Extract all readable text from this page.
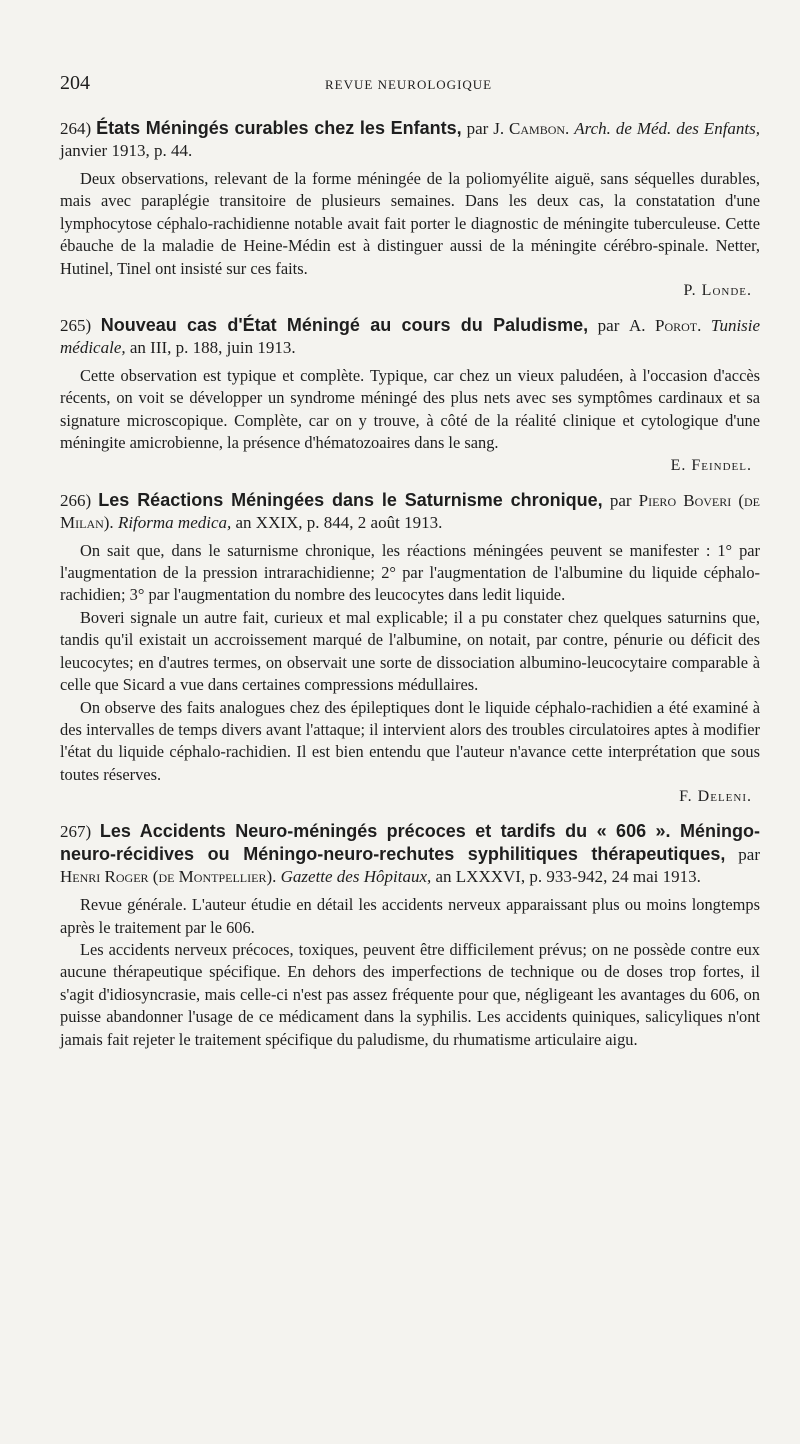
204	REVUE NEUROLOGIQUE
264) États Méningés curables chez les Enfants, par J. Cambon. Arch. de Méd. des Enfants, janvier 1913, p. 44.

Deux observations, relevant de la forme méningée de la poliomyélite aiguë, sans séquelles durables, mais avec paraplégie transitoire de plusieurs semaines. Dans les deux cas, la constatation d'une lymphocytose céphalo-rachidienne notable avait fait porter le diagnostic de méningite tuberculeuse. Cette ébauche de la maladie de Heine-Médin est à distinguer aussi de la méningite cérébro-spinale. Netter, Hutinel, Tinel ont insisté sur ces faits.

P. Londe.
265) Nouveau cas d'État Méningé au cours du Paludisme, par A. Porot. Tunisie médicale, an III, p. 188, juin 1913.

Cette observation est typique et complète. Typique, car chez un vieux paludéen, à l'occasion d'accès récents, on voit se développer un syndrome méningé des plus nets avec ses symptômes cardinaux et sa signature microscopique. Complète, car on y trouve, à côté de la réalité clinique et cytologique d'une méningite amicrobienne, la présence d'hématozoaires dans le sang.

E. Feindel.
266) Les Réactions Méningées dans le Saturnisme chronique, par Piero Boveri (de Milan). Riforma medica, an XXIX, p. 844, 2 août 1913.

On sait que, dans le saturnisme chronique, les réactions méningées peuvent se manifester : 1° par l'augmentation de la pression intrarachidienne; 2° par l'augmentation de l'albumine du liquide céphalo-rachidien; 3° par l'augmentation du nombre des leucocytes dans ledit liquide.

Boveri signale un autre fait, curieux et mal explicable; il a pu constater chez quelques saturnins que, tandis qu'il existait un accroissement marqué de l'albumine, on notait, par contre, pénurie ou déficit des leucocytes; en d'autres termes, on observait une sorte de dissociation albumino-leucocytaire comparable à celle que Sicard a vue dans certaines compressions médullaires.

On observe des faits analogues chez des épileptiques dont le liquide céphalo-rachidien a été examiné à des intervalles de temps divers avant l'attaque; il intervient alors des troubles circulatoires aptes à modifier l'état du liquide céphalo-rachidien. Il est bien entendu que l'auteur n'avance cette interprétation que sous toutes réserves.

F. Deleni.
267) Les Accidents Neuro-méningés précoces et tardifs du « 606 ». Méningo-neuro-récidives ou Méningo-neuro-rechutes syphilitiques thérapeutiques, par Henri Roger (de Montpellier). Gazette des Hôpitaux, an LXXXVI, p. 933-942, 24 mai 1913.

Revue générale. L'auteur étudie en détail les accidents nerveux apparaissant plus ou moins longtemps après le traitement par le 606.

Les accidents nerveux précoces, toxiques, peuvent être difficilement prévus; on ne possède contre eux aucune thérapeutique spécifique. En dehors des imperfections de technique ou de doses trop fortes, il s'agit d'idiosyncrasie, mais celle-ci n'est pas assez fréquente pour que, négligeant les avantages du 606, on puisse abandonner l'usage de ce médicament dans la syphilis. Les accidents quiniques, salicyliques n'ont jamais fait rejeter le traitement spécifique du paludisme, du rhumatisme articulaire aigu.
